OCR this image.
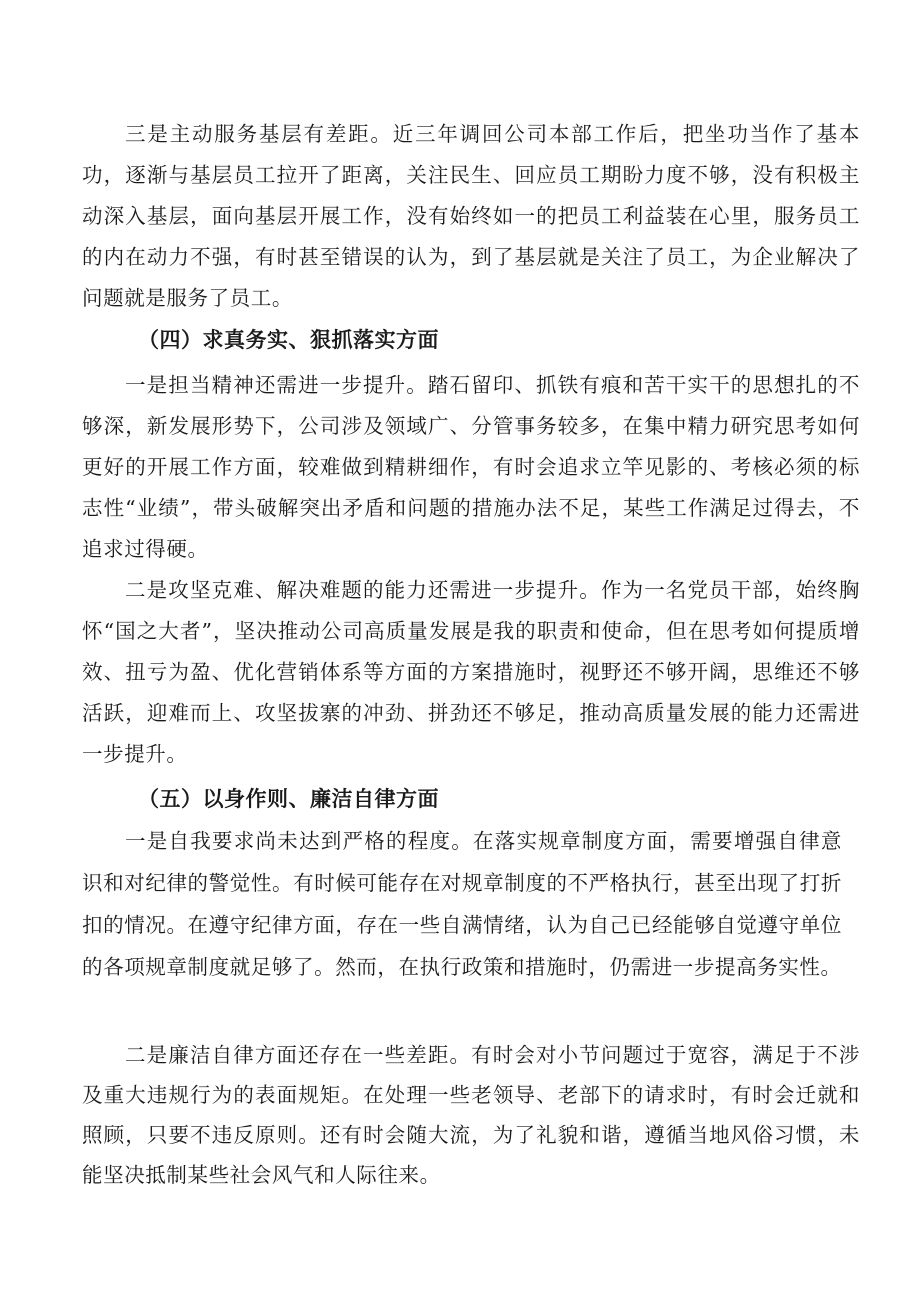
三是主动服务基层有差距。近三年调回公司本部工作后，把坐功当作了基本功，逐渐与基层员工拉开了距离，关注民生、回应员工期盼力度不够，没有积极主动深入基层，面向基层开展工作，没有始终如一的把员工利益装在心里，服务员工的内在动力不强，有时甚至错误的认为，到了基层就是关注了员工，为企业解决了问题就是服务了员工。

（四）求真务实、狠抓落实方面

一是担当精神还需进一步提升。踏石留印、抓铁有痕和苦干实干的思想扎的不够深，新发展形势下，公司涉及领域广、分管事务较多，在集中精力研究思考如何更好的开展工作方面，较难做到精耕细作，有时会追求立竿见影的、考核必须的标志性“业绩”，带头破解突出矛盾和问题的措施办法不足，某些工作满足过得去，不追求过得硬。

二是攻坚克难、解决难题的能力还需进一步提升。作为一名党员干部，始终胸怀“国之大者”，坚决推动公司高质量发展是我的职责和使命，但在思考如何提质增效、扭亏为盈、优化营销体系等方面的方案措施时，视野还不够开阔，思维还不够活跃，迎难而上、攻坚拔寨的冲劲、拼劲还不够足，推动高质量发展的能力还需进一步提升。

（五）以身作则、廉洁自律方面

一是自我要求尚未达到严格的程度。在落实规章制度方面，需要增强自律意识和对纪律的警觉性。有时候可能存在对规章制度的不严格执行，甚至出现了打折扣的情况。在遵守纪律方面，存在一些自满情绪，认为自己已经能够自觉遵守单位的各项规章制度就足够了。然而，在执行政策和措施时，仍需进一步提高务实性。

二是廉洁自律方面还存在一些差距。有时会对小节问题过于宽容，满足于不涉及重大违规行为的表面规矩。在处理一些老领导、老部下的请求时，有时会迁就和照顾，只要不违反原则。还有时会随大流，为了礼貌和谐，遵循当地风俗习惯，未能坚决抵制某些社会风气和人际往来。
